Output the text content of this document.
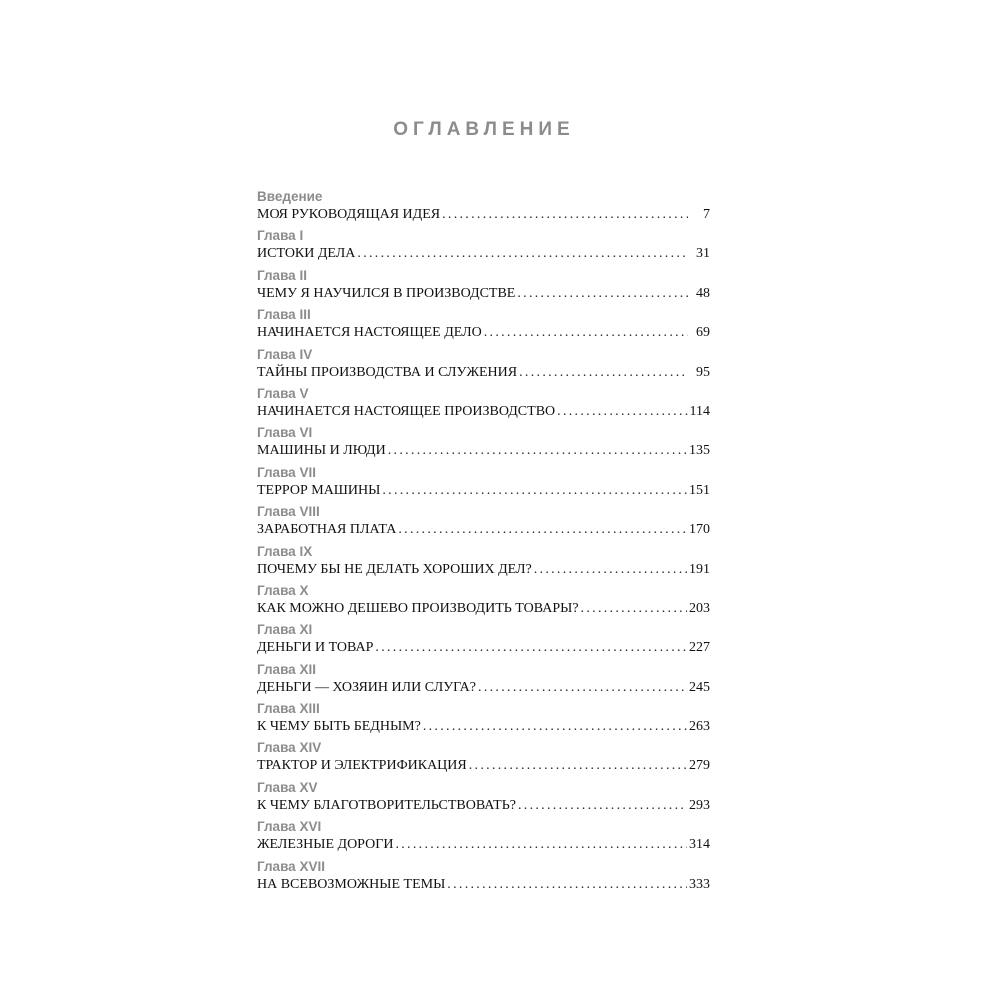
ОГЛАВЛЕНИЕ
Введение
МОЯ РУКОВОДЯЩАЯ ИДЕЯ . . .	7
Глава I
ИСТОКИ ДЕЛА . . .	31
Глава II
ЧЕМУ Я НАУЧИЛСЯ В ПРОИЗВОДСТВЕ . . .	48
Глава III
НАЧИНАЕТСЯ НАСТОЯЩЕЕ ДЕЛО . . .	69
Глава IV
ТАЙНЫ ПРОИЗВОДСТВА И СЛУЖЕНИЯ . . .	95
Глава V
НАЧИНАЕТСЯ НАСТОЯЩЕЕ ПРОИЗВОДСТВО . . .	114
Глава VI
МАШИНЫ И ЛЮДИ . . .	135
Глава VII
ТЕРРОР МАШИНЫ . . .	151
Глава VIII
ЗАРАБОТНАЯ ПЛАТА . . .	170
Глава IX
ПОЧЕМУ БЫ НЕ ДЕЛАТЬ ХОРОШИХ ДЕЛ? . . .	191
Глава X
КАК МОЖНО ДЕШЕВО ПРОИЗВОДИТЬ ТОВАРЫ? . . .	203
Глава XI
ДЕНЬГИ И ТОВАР . . .	227
Глава XII
ДЕНЬГИ — ХОЗЯИН ИЛИ СЛУГА? . . .	245
Глава XIII
К ЧЕМУ БЫТЬ БЕДНЫМ? . . .	263
Глава XIV
ТРАКТОР И ЭЛЕКТРИФИКАЦИЯ . . .	279
Глава XV
К ЧЕМУ БЛАГОТВОРИТЕЛЬСТВОВАТЬ? . . .	293
Глава XVI
ЖЕЛЕЗНЫЕ ДОРОГИ . . .	314
Глава XVII
НА ВСЕВОЗМОЖНЫЕ ТЕМЫ . . .	333
